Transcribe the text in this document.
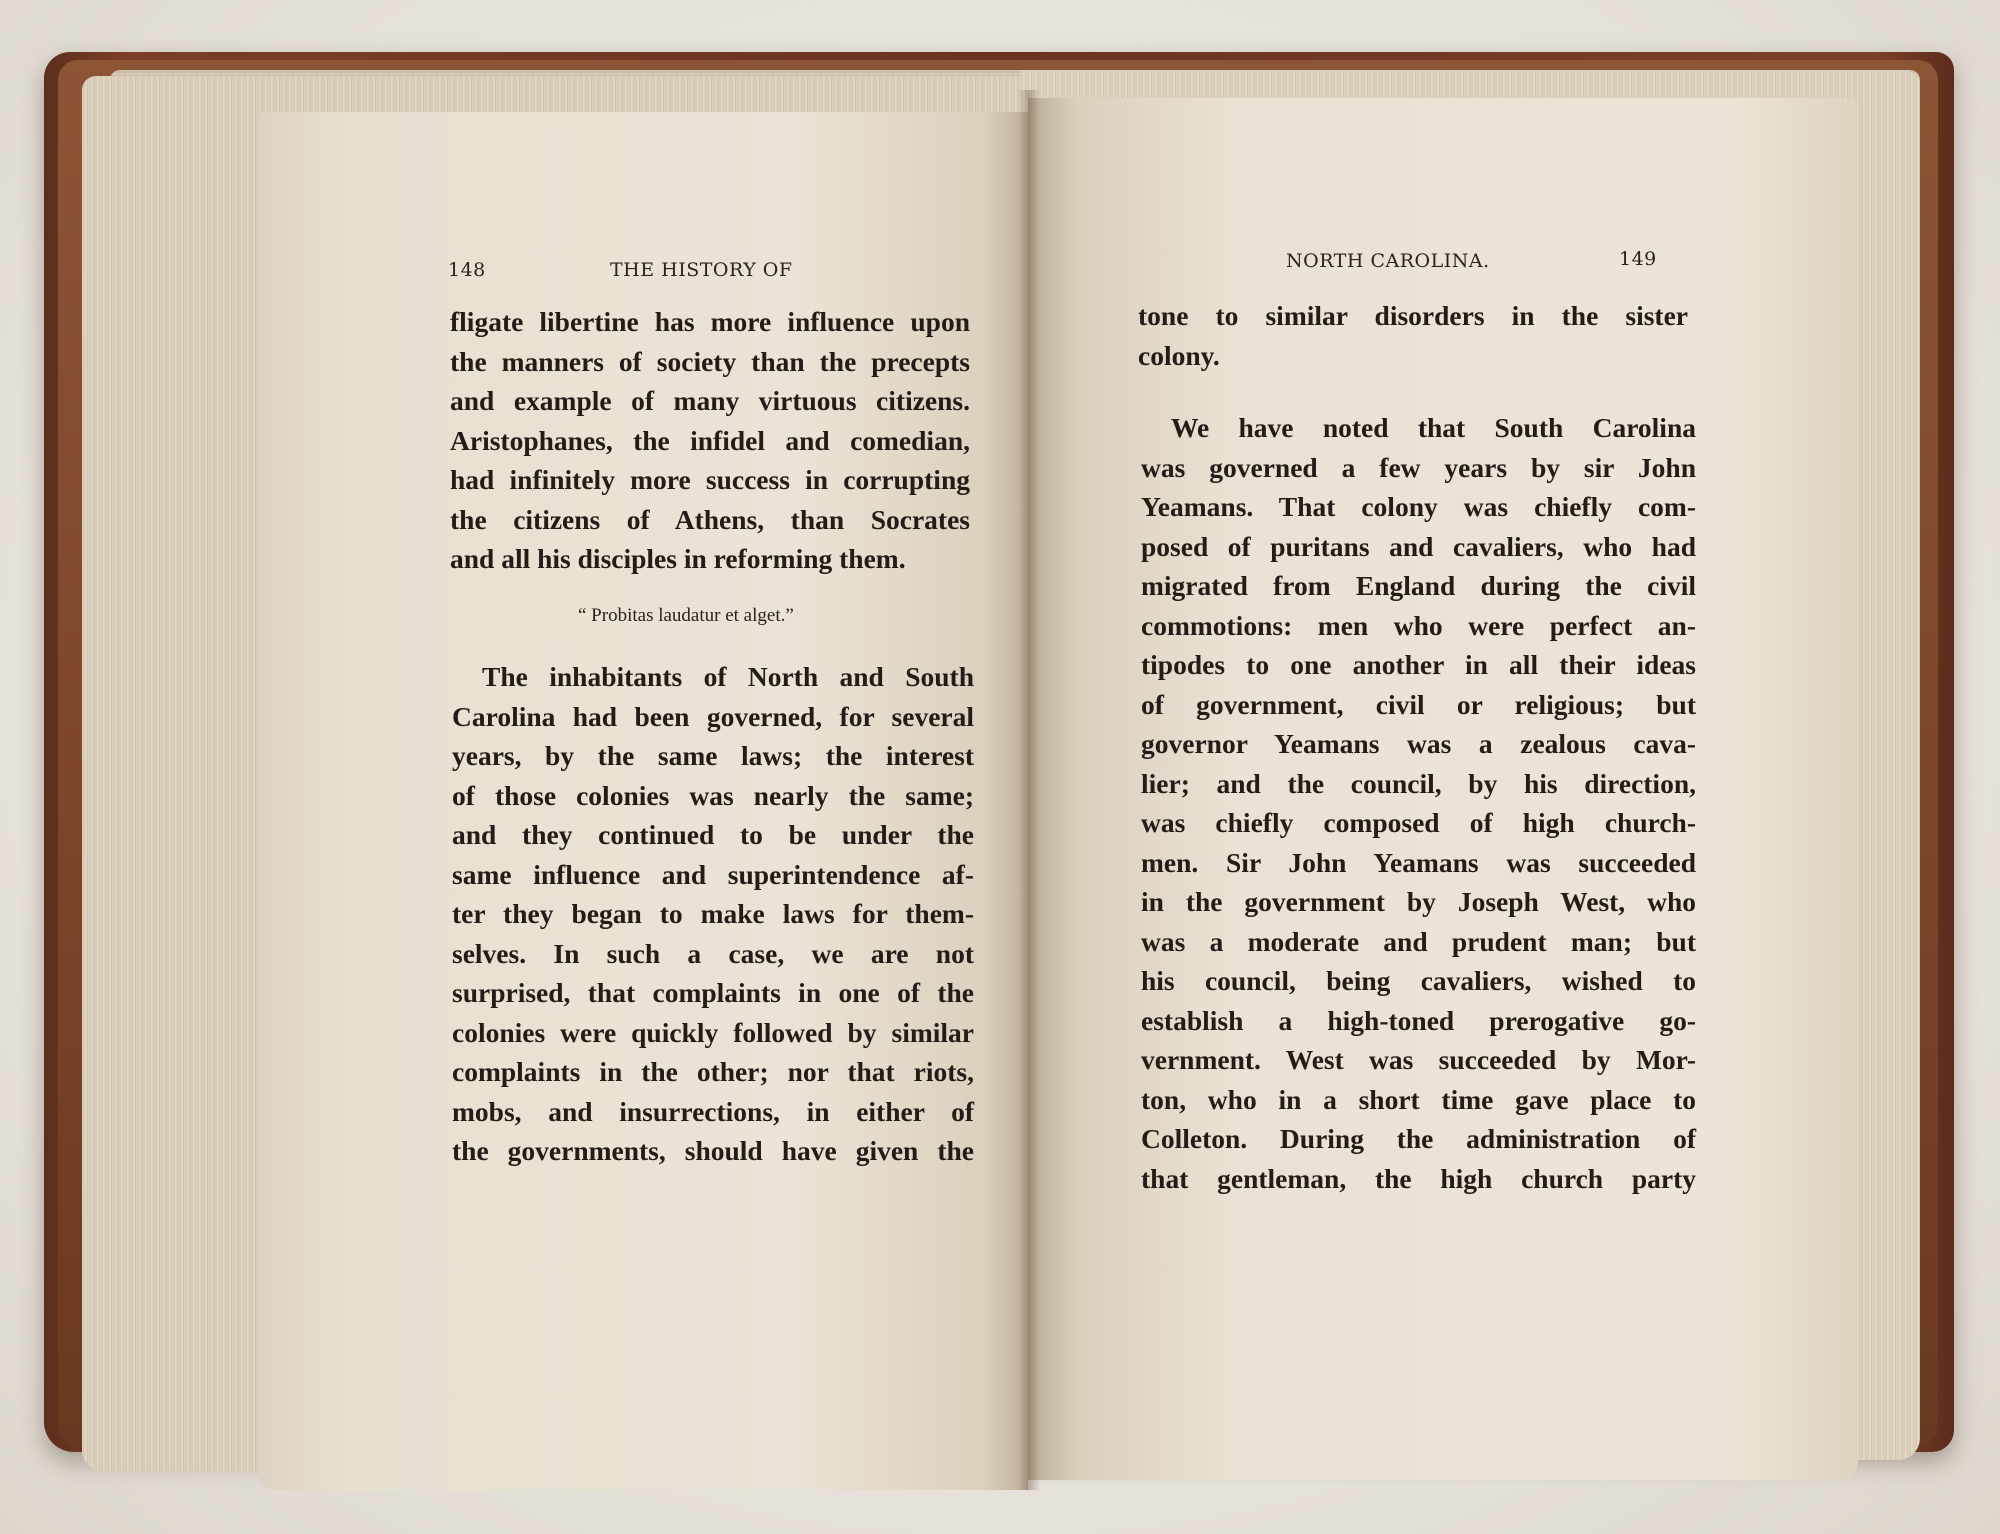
148	THE HISTORY OF
fligate libertine has more influence upon
the manners of society than the precepts
and example of many virtuous citizens.
Aristophanes, the infidel and comedian,
had infinitely more success in corrupting
the citizens of Athens, than Socrates
and all his disciples in reforming them.
“ Probitas laudatur et alget.”
The inhabitants of North and South
Carolina had been governed, for several
years, by the same laws; the interest
of those colonies was nearly the same;
and they continued to be under the
same influence and superintendence af-
ter they began to make laws for them-
selves. In such a case, we are not
surprised, that complaints in one of the
colonies were quickly followed by similar
complaints in the other; nor that riots,
mobs, and insurrections, in either of
the governments, should have given the
NORTH CAROLINA.	149
tone to similar disorders in the sister
colony.
We have noted that South Carolina
was governed a few years by sir John
Yeamans. That colony was chiefly com-
posed of puritans and cavaliers, who had
migrated from England during the civil
commotions: men who were perfect an-
tipodes to one another in all their ideas
of government, civil or religious; but
governor Yeamans was a zealous cava-
lier; and the council, by his direction,
was chiefly composed of high church-
men. Sir John Yeamans was succeeded
in the government by Joseph West, who
was a moderate and prudent man; but
his council, being cavaliers, wished to
establish a high-toned prerogative go-
vernment. West was succeeded by Mor-
ton, who in a short time gave place to
Colleton. During the administration of
that gentleman, the high church party
